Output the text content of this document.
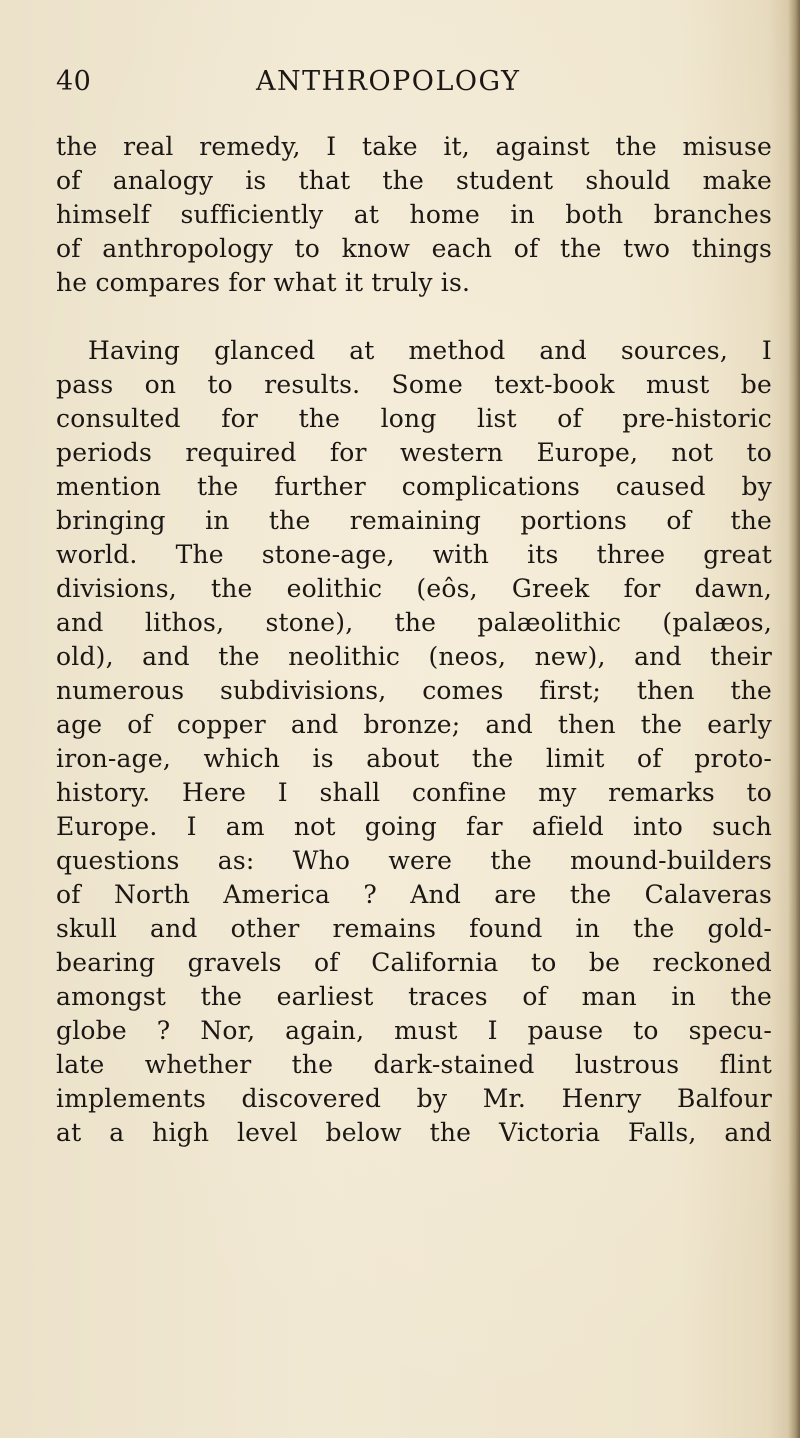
40	ANTHROPOLOGY
the real remedy, I take it, against the misuse
of analogy is that the student should make
himself sufficiently at home in both branches
of anthropology to know each of the two things
he compares for what it truly is.
Having glanced at method and sources, I
pass on to results. Some text-book must be
consulted for the long list of pre-historic
periods required for western Europe, not to
mention the further complications caused by
bringing in the remaining portions of the
world. The stone-age, with its three great
divisions, the eolithic (eôs, Greek for dawn,
and lithos, stone), the palæolithic (palæos,
old), and the neolithic (neos, new), and their
numerous subdivisions, comes first; then the
age of copper and bronze; and then the early
iron-age, which is about the limit of proto-
history. Here I shall confine my remarks to
Europe. I am not going far afield into such
questions as: Who were the mound-builders
of North America ? And are the Calaveras
skull and other remains found in the gold-
bearing gravels of California to be reckoned
amongst the earliest traces of man in the
globe ? Nor, again, must I pause to specu-
late whether the dark-stained lustrous flint
implements discovered by Mr. Henry Balfour
at a high level below the Victoria Falls, and
